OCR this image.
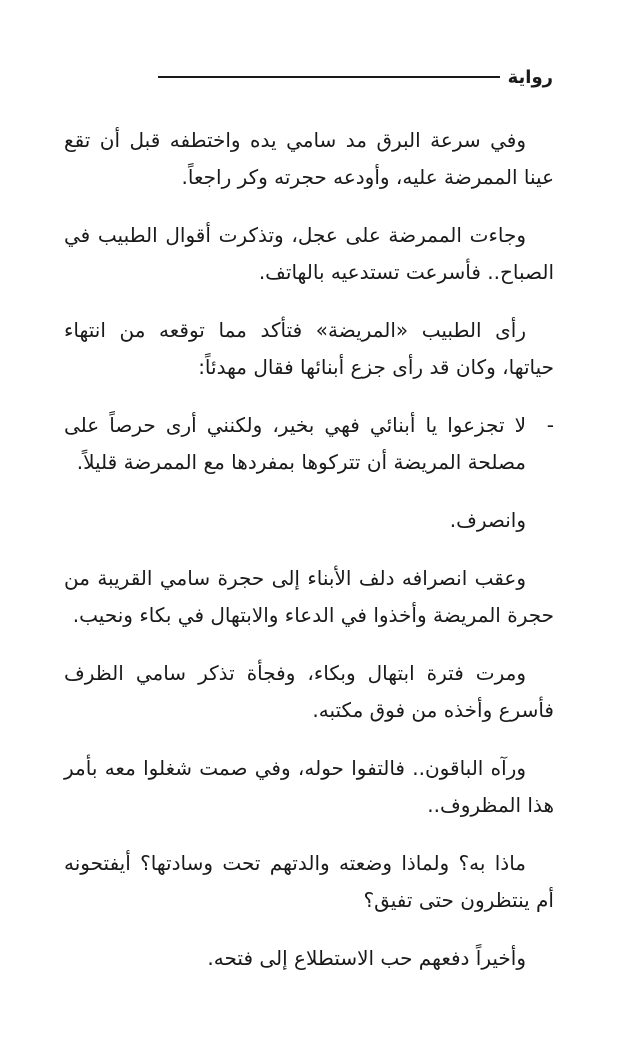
رواية

وفي سرعة البرق مد سامي يده واختطفه قبل أن تقع عينا الممرضة عليه، وأودعه حجرته وكر راجعاً.

وجاءت الممرضة على عجل، وتذكرت أقوال الطبيب في الصباح.. فأسرعت تستدعيه بالهاتف.

رأى الطبيب «المريضة» فتأكد مما توقعه من انتهاء حياتها، وكان قد رأى جزع أبنائها فقال مهدئاً:

-
لا تجزعوا يا أبنائي فهي بخير، ولكنني أرى حرصاً على مصلحة المريضة أن تتركوها بمفردها مع الممرضة قليلاً.

وانصرف.

وعقب انصرافه دلف الأبناء إلى حجرة سامي القريبة من حجرة المريضة وأخذوا في الدعاء والابتهال في بكاء ونحيب.

ومرت فترة ابتهال وبكاء، وفجأة تذكر سامي الظرف فأسرع وأخذه من فوق مكتبه.

ورآه الباقون.. فالتفوا حوله، وفي صمت شغلوا معه بأمر هذا المظروف..

ماذا به؟ ولماذا وضعته والدتهم تحت وسادتها؟ أيفتحونه أم ينتظرون حتى تفيق؟

وأخيراً دفعهم حب الاستطلاع إلى فتحه.
